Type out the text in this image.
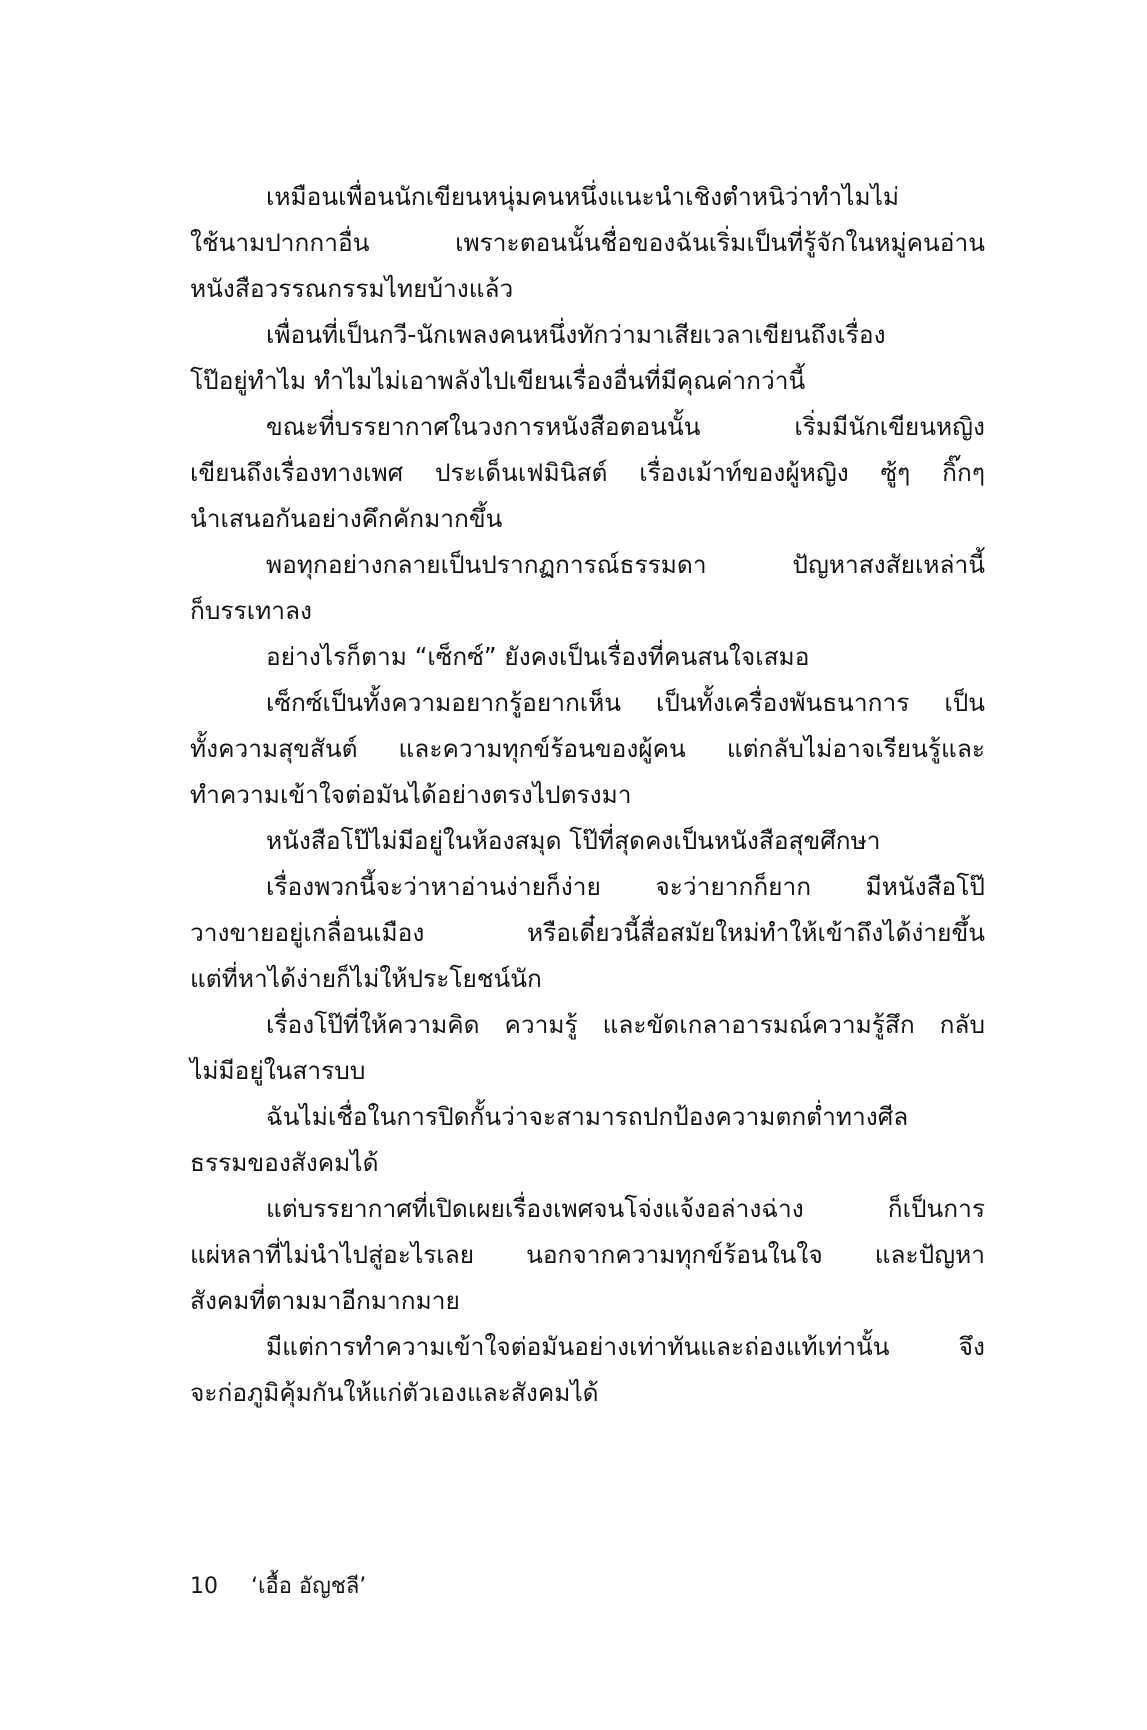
เหมือนเพื่อนนักเขียนหนุ่มคนหนึ่งแนะนำเชิงตำหนิว่าทำไมไม่
ใช้นามปากกาอื่น เพราะตอนนั้นชื่อของฉันเริ่มเป็นที่รู้จักในหมู่คนอ่าน
หนังสือวรรณกรรมไทยบ้างแล้ว
เพื่อนที่เป็นกวี-นักเพลงคนหนึ่งทักว่ามาเสียเวลาเขียนถึงเรื่อง
โป๊อยู่ทำไม ทำไมไม่เอาพลังไปเขียนเรื่องอื่นที่มีคุณค่ากว่านี้
ขณะที่บรรยากาศในวงการหนังสือตอนนั้น เริ่มมีนักเขียนหญิง
เขียนถึงเรื่องทางเพศ ประเด็นเฟมินิสต์ เรื่องเม้าท์ของผู้หญิง ซู้ๆ กิ๊กๆ
นำเสนอกันอย่างคึกคักมากขึ้น
พอทุกอย่างกลายเป็นปรากฏการณ์ธรรมดา ปัญหาสงสัยเหล่านี้
ก็บรรเทาลง
อย่างไรก็ตาม “เซ็กซ์” ยังคงเป็นเรื่องที่คนสนใจเสมอ
เซ็กซ์เป็นทั้งความอยากรู้อยากเห็น เป็นทั้งเครื่องพันธนาการ เป็น
ทั้งความสุขสันต์ และความทุกข์ร้อนของผู้คน แต่กลับไม่อาจเรียนรู้และ
ทำความเข้าใจต่อมันได้อย่างตรงไปตรงมา
หนังสือโป๊ไม่มีอยู่ในห้องสมุด โป๊ที่สุดคงเป็นหนังสือสุขศึกษา
เรื่องพวกนี้จะว่าหาอ่านง่ายก็ง่าย จะว่ายากก็ยาก มีหนังสือโป๊
วางขายอยู่เกลื่อนเมือง หรือเดี๋ยวนี้สื่อสมัยใหม่ทำให้เข้าถึงได้ง่ายขึ้น
แต่ที่หาได้ง่ายก็ไม่ให้ประโยชน์นัก
เรื่องโป๊ที่ให้ความคิด ความรู้ และขัดเกลาอารมณ์ความรู้สึก กลับ
ไม่มีอยู่ในสารบบ
ฉันไม่เชื่อในการปิดกั้นว่าจะสามารถปกป้องความตกต่ำทางศีล
ธรรมของสังคมได้
แต่บรรยากาศที่เปิดเผยเรื่องเพศจนโจ่งแจ้งอล่างฉ่าง ก็เป็นการ
แผ่หลาที่ไม่นำไปสู่อะไรเลย นอกจากความทุกข์ร้อนในใจ และปัญหา
สังคมที่ตามมาอีกมากมาย
มีแต่การทำความเข้าใจต่อมันอย่างเท่าทันและถ่องแท้เท่านั้น จึง
จะก่อภูมิคุ้มกันให้แก่ตัวเองและสังคมได้
10 ‘เอื้อ อัญชลี’
